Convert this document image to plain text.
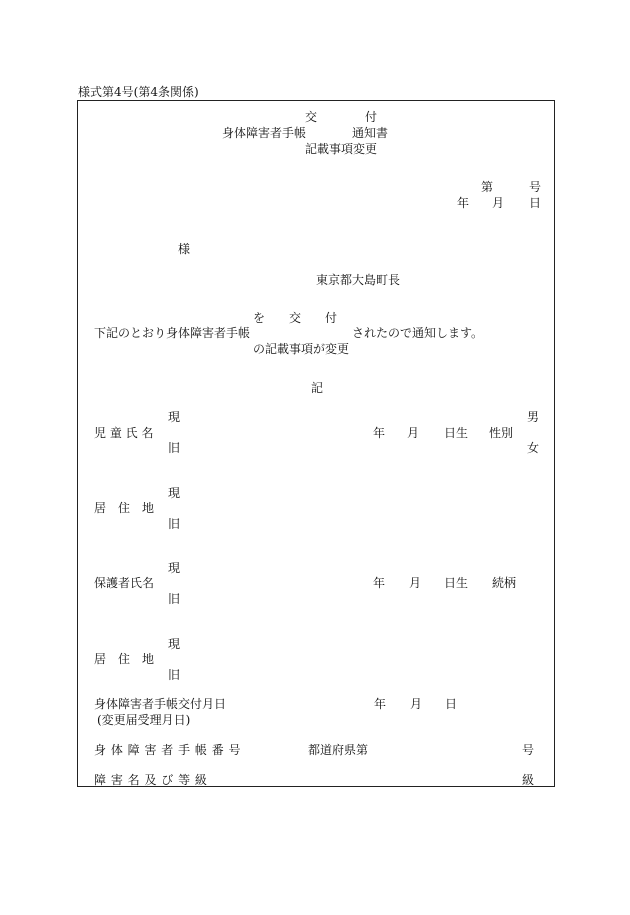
様式第4号(第4条関係)
交　　　　付
身体障害者手帳	通知書
記載事項変更
第	号
年 月 日
様
東京都大島町長
を　　交　　付
下記のとおり身体障害者手帳	されたので通知します。
の記載事項が変更
記
現	男
児 童 氏 名	年 月 日生 性別
旧	女
現
居　住　地
旧
現
保護者氏名	年 月 日生 続柄
旧
現
居　住　地
旧
身体障害者手帳交付月日	年 月 日
(変更届受理月日)
身 体 障 害 者 手 帳 番 号	都道府県第	号
障 害 名 及 び 等 級	級
